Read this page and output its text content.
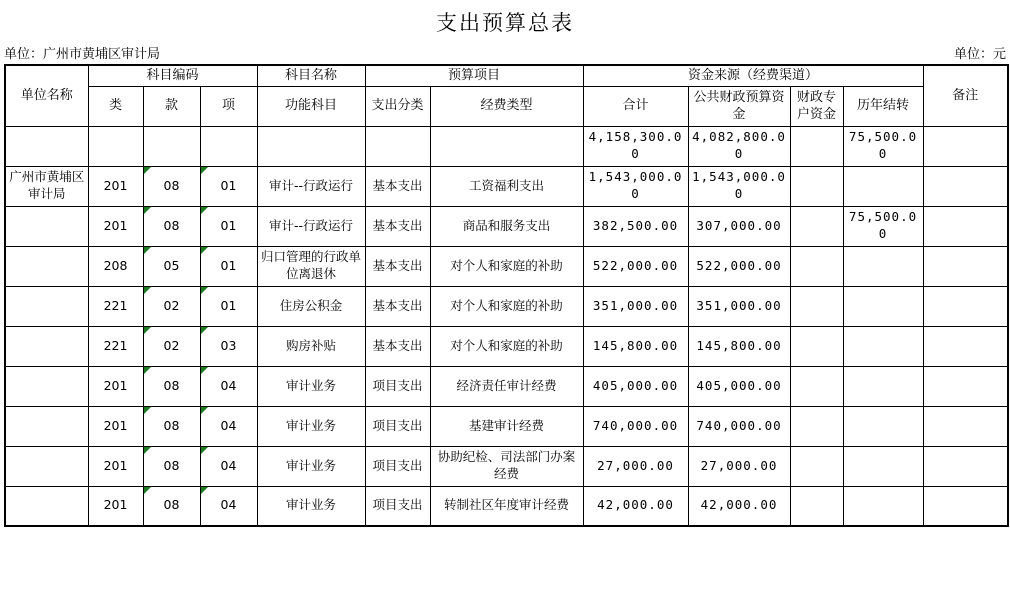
支出预算总表
单位：广州市黄埔区审计局	单位：元
单位名称	科目编码			科目名称	预算项目		资金来源（经费渠道）				备注
	类	款	项	功能科目	支出分类	经费类型	合计	公共财政预算资金	财政专户资金	历年结转	
							4,158,300.00	4,082,800.00		75,500.00	
广州市黄埔区审计局	201	08	01	审计--行政运行	基本支出	工资福利支出	1,543,000.00	1,543,000.00			
	201	08	01	审计--行政运行	基本支出	商品和服务支出	382,500.00	307,000.00		75,500.00	
	208	05	01	归口管理的行政单位离退休	基本支出	对个人和家庭的补助	522,000.00	522,000.00			
	221	02	01	住房公积金	基本支出	对个人和家庭的补助	351,000.00	351,000.00			
	221	02	03	购房补贴	基本支出	对个人和家庭的补助	145,800.00	145,800.00			
	201	08	04	审计业务	项目支出	经济责任审计经费	405,000.00	405,000.00			
	201	08	04	审计业务	项目支出	基建审计经费	740,000.00	740,000.00			
	201	08	04	审计业务	项目支出	协助纪检、司法部门办案经费	27,000.00	27,000.00			
	201	08	04	审计业务	项目支出	转制社区年度审计经费	42,000.00	42,000.00			
